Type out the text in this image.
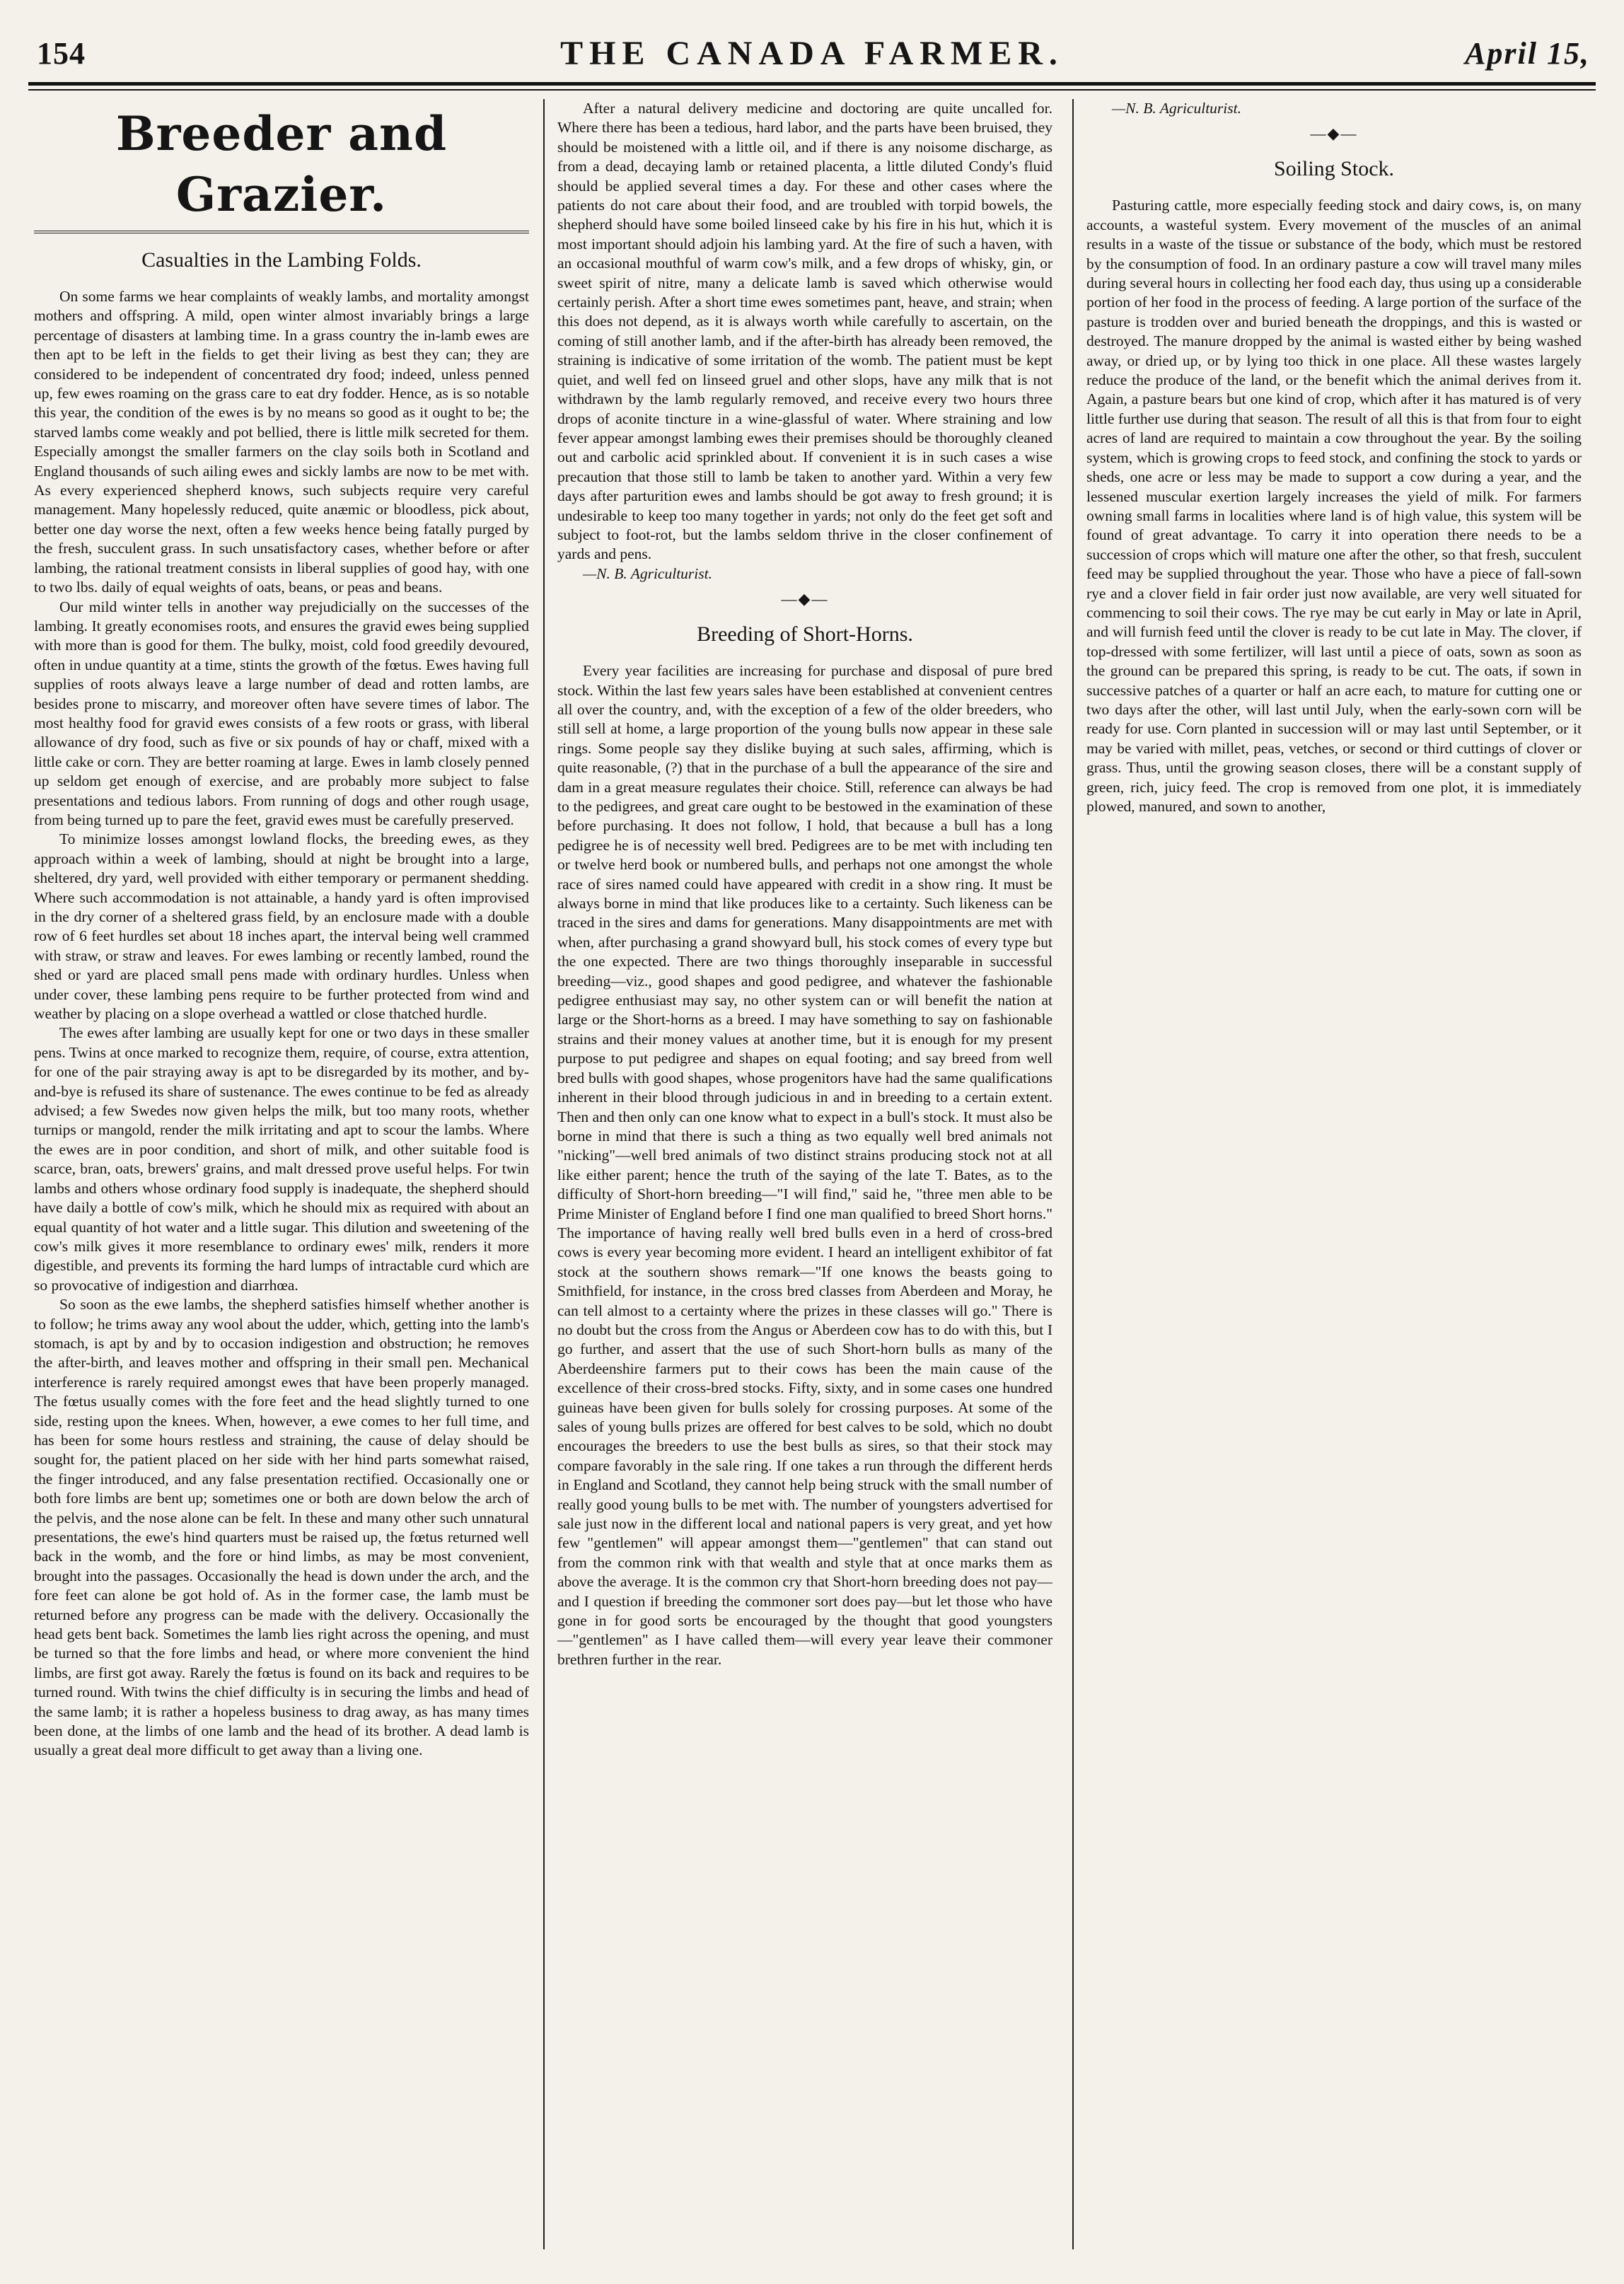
154	THE CANADA FARMER.	April 15,
Breeder and Grazier.
Casualties in the Lambing Folds.

On some farms we hear complaints of weakly lambs, and mortality amongst mothers and offspring. A mild, open winter almost invariably brings a large percentage of disasters at lambing time. In a grass country the in-lamb ewes are then apt to be left in the fields to get their living as best they can; they are considered to be independent of concentrated dry food; indeed, unless penned up, few ewes roaming on the grass care to eat dry fodder. Hence, as is so notable this year, the condition of the ewes is by no means so good as it ought to be; the starved lambs come weakly and pot bellied, there is little milk secreted for them. Especially amongst the smaller farmers on the clay soils both in Scotland and England thousands of such ailing ewes and sickly lambs are now to be met with. As every experienced shepherd knows, such subjects require very careful management. Many hopelessly reduced, quite anæmic or bloodless, pick about, better one day worse the next, often a few weeks hence being fatally purged by the fresh, succulent grass. In such unsatisfactory cases, whether before or after lambing, the rational treatment consists in liberal supplies of good hay, with one to two lbs. daily of equal weights of oats, beans, or peas and beans.

Our mild winter tells in another way prejudicially on the successes of the lambing. It greatly economises roots, and ensures the gravid ewes being supplied with more than is good for them. The bulky, moist, cold food greedily devoured, often in undue quantity at a time, stints the growth of the fœtus. Ewes having full supplies of roots always leave a large number of dead and rotten lambs, are besides prone to miscarry, and moreover often have severe times of labor. The most healthy food for gravid ewes consists of a few roots or grass, with liberal allowance of dry food, such as five or six pounds of hay or chaff, mixed with a little cake or corn. They are better roaming at large. Ewes in lamb closely penned up seldom get enough of exercise, and are probably more subject to false presentations and tedious labors. From running of dogs and other rough usage, from being turned up to pare the feet, gravid ewes must be carefully preserved.

To minimize losses amongst lowland flocks, the breeding ewes, as they approach within a week of lambing, should at night be brought into a large, sheltered, dry yard, well provided with either temporary or permanent shedding. Where such accommodation is not attainable, a handy yard is often improvised in the dry corner of a sheltered grass field, by an enclosure made with a double row of 6 feet hurdles set about 18 inches apart, the interval being well crammed with straw, or straw and leaves. For ewes lambing or recently lambed, round the shed or yard are placed small pens made with ordinary hurdles. Unless when under cover, these lambing pens require to be further protected from wind and weather by placing on a slope overhead a wattled or close thatched hurdle.

The ewes after lambing are usually kept for one or two days in these smaller pens. Twins at once marked to recognize them, require, of course, extra attention, for one of the pair straying away is apt to be disregarded by its mother, and by-and-bye is refused its share of sustenance. The ewes continue to be fed as already advised; a few Swedes now given helps the milk, but too many roots, whether turnips or mangold, render the milk irritating and apt to scour the lambs. Where the ewes are in poor condition, and short of milk, and other suitable food is scarce, bran, oats, brewers' grains, and malt dressed prove useful helps. For twin lambs and others whose ordinary food supply is inadequate, the shepherd should have daily a bottle of cow's milk, which he should mix as required with about an equal quantity of hot water and a little sugar. This dilution and sweetening of the cow's milk gives it more resemblance to ordinary ewes' milk, renders it more digestible, and prevents its forming the hard lumps of intractable curd which are so provocative of indigestion and diarrhœa.

So soon as the ewe lambs, the shepherd satisfies himself whether another is to follow; he trims away any wool about the udder, which, getting into the lamb's stomach, is apt by and by to occasion indigestion and obstruction; he removes the after-birth, and leaves mother and offspring in their small pen. Mechanical interference is rarely required amongst ewes that have been properly managed. The fœtus usually comes with the fore feet and the head slightly turned to one side, resting upon the knees. When, however, a ewe comes to her full time, and has been for some hours restless and straining, the cause of delay should be sought for, the patient placed on her side with her hind parts somewhat raised, the finger introduced, and any false presentation rectified. Occasionally one or both fore limbs are bent up; sometimes one or both are down below the arch of the pelvis, and the nose alone can be felt. In these and many other such unnatural presentations, the ewe's hind quarters must be raised up, the fœtus returned well back in the womb, and the fore or hind limbs, as may be most convenient, brought into the passages. Occasionally the head is down under the arch, and the fore feet can alone be got hold of. As in the former case, the lamb must be returned before any progress can be made with the delivery. Occasionally the head gets bent back. Sometimes the lamb lies right across the opening, and must be turned so that the fore limbs and head, or where more convenient the hind limbs, are first got away. Rarely the fœtus is found on its back and requires to be turned round. With twins the chief difficulty is in securing the limbs and head of the same lamb; it is rather a hopeless business to drag away, as has many times been done, at the limbs of one lamb and the head of its brother. A dead lamb is usually a great deal more difficult to get away than a living one.

After a natural delivery medicine and doctoring are quite uncalled for. Where there has been a tedious, hard labor, and the parts have been bruised, they should be moistened with a little oil, and if there is any noisome discharge, as from a dead, decaying lamb or retained placenta, a little diluted Condy's fluid should be applied several times a day. For these and other cases where the patients do not care about their food, and are troubled with torpid bowels, the shepherd should have some boiled linseed cake by his fire in his hut, which it is most important should adjoin his lambing yard. At the fire of such a haven, with an occasional mouthful of warm cow's milk, and a few drops of whisky, gin, or sweet spirit of nitre, many a delicate lamb is saved which otherwise would certainly perish. After a short time ewes sometimes pant, heave, and strain; when this does not depend, as it is always worth while carefully to ascertain, on the coming of still another lamb, and if the after-birth has already been removed, the straining is indicative of some irritation of the womb. The patient must be kept quiet, and well fed on linseed gruel and other slops, have any milk that is not withdrawn by the lamb regularly removed, and receive every two hours three drops of aconite tincture in a wine-glassful of water. Where straining and low fever appear amongst lambing ewes their premises should be thoroughly cleaned out and carbolic acid sprinkled about. If convenient it is in such cases a wise precaution that those still to lamb be taken to another yard. Within a very few days after parturition ewes and lambs should be got away to fresh ground; it is undesirable to keep too many together in yards; not only do the feet get soft and subject to foot-rot, but the lambs seldom thrive in the closer confinement of yards and pens.

—N. B. Agriculturist.

—◆—
Breeding of Short-Horns.

Every year facilities are increasing for purchase and disposal of pure bred stock. Within the last few years sales have been established at convenient centres all over the country, and, with the exception of a few of the older breeders, who still sell at home, a large proportion of the young bulls now appear in these sale rings. Some people say they dislike buying at such sales, affirming, which is quite reasonable, (?) that in the purchase of a bull the appearance of the sire and dam in a great measure regulates their choice. Still, reference can always be had to the pedigrees, and great care ought to be bestowed in the examination of these before purchasing. It does not follow, I hold, that because a bull has a long pedigree he is of necessity well bred. Pedigrees are to be met with including ten or twelve herd book or numbered bulls, and perhaps not one amongst the whole race of sires named could have appeared with credit in a show ring. It must be always borne in mind that like produces like to a certainty. Such likeness can be traced in the sires and dams for generations. Many disappointments are met with when, after purchasing a grand showyard bull, his stock comes of every type but the one expected. There are two things thoroughly inseparable in successful breeding—viz., good shapes and good pedigree, and whatever the fashionable pedigree enthusiast may say, no other system can or will benefit the nation at large or the Short-horns as a breed. I may have something to say on fashionable strains and their money values at another time, but it is enough for my present purpose to put pedigree and shapes on equal footing; and say breed from well bred bulls with good shapes, whose progenitors have had the same qualifications inherent in their blood through judicious in and in breeding to a certain extent. Then and then only can one know what to expect in a bull's stock. It must also be borne in mind that there is such a thing as two equally well bred animals not "nicking"—well bred animals of two distinct strains producing stock not at all like either parent; hence the truth of the saying of the late T. Bates, as to the difficulty of Short-horn breeding—"I will find," said he, "three men able to be Prime Minister of England before I find one man qualified to breed Short horns." The importance of having really well bred bulls even in a herd of cross-bred cows is every year becoming more evident. I heard an intelligent exhibitor of fat stock at the southern shows remark—"If one knows the beasts going to Smithfield, for instance, in the cross bred classes from Aberdeen and Moray, he can tell almost to a certainty where the prizes in these classes will go." There is no doubt but the cross from the Angus or Aberdeen cow has to do with this, but I go further, and assert that the use of such Short-horn bulls as many of the Aberdeenshire farmers put to their cows has been the main cause of the excellence of their cross-bred stocks. Fifty, sixty, and in some cases one hundred guineas have been given for bulls solely for crossing purposes. At some of the sales of young bulls prizes are offered for best calves to be sold, which no doubt encourages the breeders to use the best bulls as sires, so that their stock may compare favorably in the sale ring. If one takes a run through the different herds in England and Scotland, they cannot help being struck with the small number of really good young bulls to be met with. The number of youngsters advertised for sale just now in the different local and national papers is very great, and yet how few "gentlemen" will appear amongst them—"gentlemen" that can stand out from the common rink with that wealth and style that at once marks them as above the average. It is the common cry that Short-horn breeding does not pay—and I question if breeding the commoner sort does pay—but let those who have gone in for good sorts be encouraged by the thought that good youngsters—"gentlemen" as I have called them—will every year leave their commoner brethren further in the rear.

—N. B. Agriculturist.

—◆—
Soiling Stock.

Pasturing cattle, more especially feeding stock and dairy cows, is, on many accounts, a wasteful system. Every movement of the muscles of an animal results in a waste of the tissue or substance of the body, which must be restored by the consumption of food. In an ordinary pasture a cow will travel many miles during several hours in collecting her food each day, thus using up a considerable portion of her food in the process of feeding. A large portion of the surface of the pasture is trodden over and buried beneath the droppings, and this is wasted or destroyed. The manure dropped by the animal is wasted either by being washed away, or dried up, or by lying too thick in one place. All these wastes largely reduce the produce of the land, or the benefit which the animal derives from it. Again, a pasture bears but one kind of crop, which after it has matured is of very little further use during that season. The result of all this is that from four to eight acres of land are required to maintain a cow throughout the year. By the soiling system, which is growing crops to feed stock, and confining the stock to yards or sheds, one acre or less may be made to support a cow during a year, and the lessened muscular exertion largely increases the yield of milk. For farmers owning small farms in localities where land is of high value, this system will be found of great advantage. To carry it into operation there needs to be a succession of crops which will mature one after the other, so that fresh, succulent feed may be supplied throughout the year. Those who have a piece of fall-sown rye and a clover field in fair order just now available, are very well situated for commencing to soil their cows. The rye may be cut early in May or late in April, and will furnish feed until the clover is ready to be cut late in May. The clover, if top-dressed with some fertilizer, will last until a piece of oats, sown as soon as the ground can be prepared this spring, is ready to be cut. The oats, if sown in successive patches of a quarter or half an acre each, to mature for cutting one or two days after the other, will last until July, when the early-sown corn will be ready for use. Corn planted in succession will or may last until September, or it may be varied with millet, peas, vetches, or second or third cuttings of clover or grass. Thus, until the growing season closes, there will be a constant supply of green, rich, juicy feed. The crop is removed from one plot, it is immediately plowed, manured, and sown to another,
